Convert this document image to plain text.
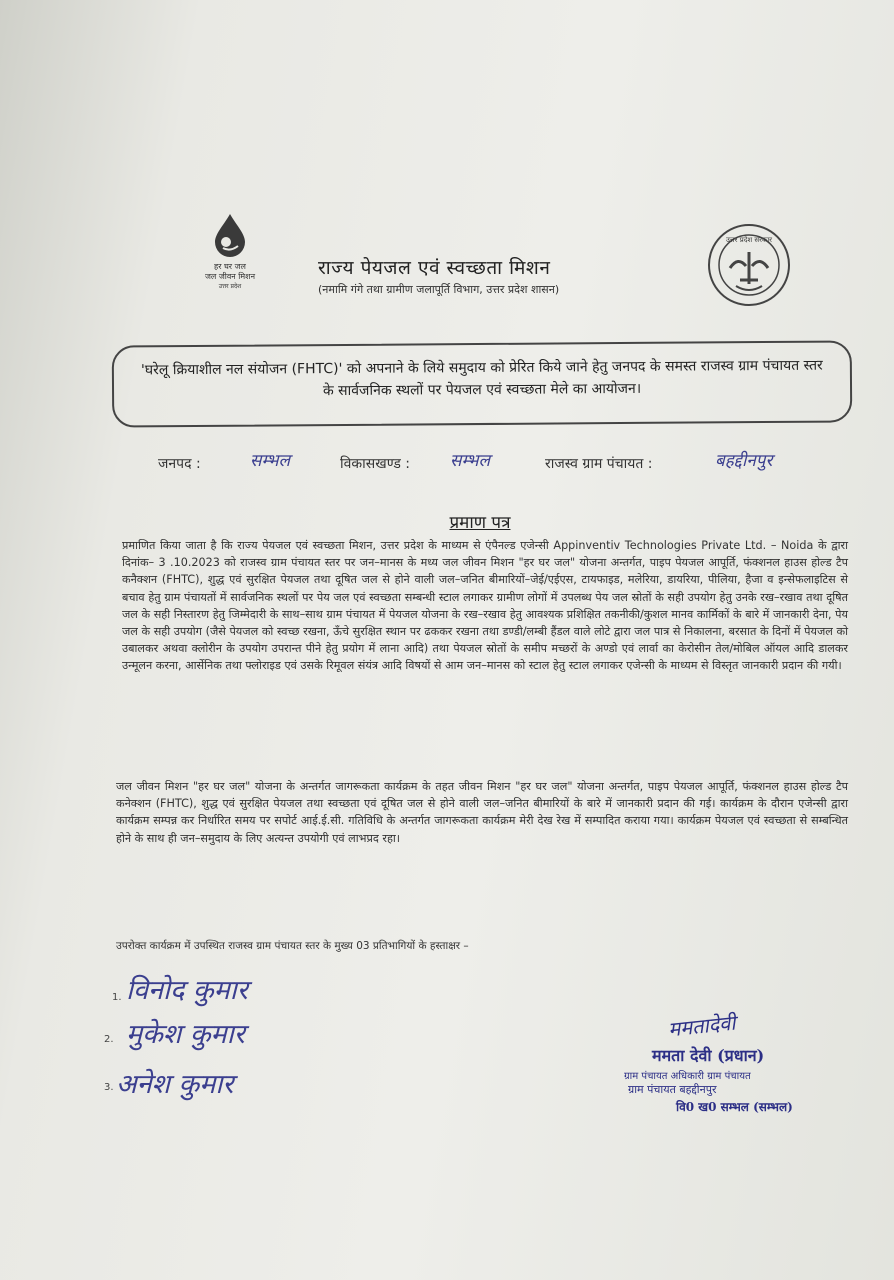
हर घर जल
जल जीवन मिशन
उत्तर प्रदेश
राज्य पेयजल एवं स्वच्छता मिशन
(नमामि गंगे तथा ग्रामीण जलापूर्ति विभाग, उत्तर प्रदेश शासन)
उत्तर प्रदेश सरकार
'घरेलू क्रियाशील नल संयोजन (FHTC)' को अपनाने के लिये समुदाय को प्रेरित किये जाने हेतु जनपद के समस्त राजस्व ग्राम पंचायत स्तर के सार्वजनिक स्थलों पर पेयजल एवं स्वच्छता मेले का आयोजन।
जनपद :	सम्भल	विकासखण्ड : सम्भल	राजस्व ग्राम पंचायत :	बहद्दीनपुर
प्रमाण पत्र
प्रमाणित किया जाता है कि राज्य पेयजल एवं स्वच्छता मिशन, उत्तर प्रदेश के माध्यम से एंपैनल्ड एजेन्सी Appinventiv Technologies Private Ltd. – Noida के द्वारा दिनांक– 3 .10.2023 को राजस्व ग्राम पंचायत स्तर पर जन–मानस के मध्य जल जीवन मिशन "हर घर जल" योजना अन्तर्गत, पाइप पेयजल आपूर्ति, फंक्शनल हाउस होल्ड टैप कनैक्शन (FHTC), शुद्ध एवं सुरक्षित पेयजल तथा दूषित जल से होने वाली जल–जनित बीमारियों–जेई/एईएस, टायफाइड, मलेरिया, डायरिया, पीलिया, हैजा व इन्सेफलाइटिस से बचाव हेतु ग्राम पंचायतों में सार्वजनिक स्थलों पर पेय जल एवं स्वच्छता सम्बन्धी स्टाल लगाकर ग्रामीण लोगों में उपलब्ध पेय जल स्रोतों के सही उपयोग हेतु उनके रख–रखाव तथा दूषित जल के सही निस्तारण हेतु जिम्मेदारी के साथ–साथ ग्राम पंचायत में पेयजल योजना के रख–रखाव हेतु आवश्यक प्रशिक्षित तकनीकी/कुशल मानव कार्मिकों के बारे में जानकारी देना, पेय जल के सही उपयोग (जैसे पेयजल को स्वच्छ रखना, ऊँचे सुरक्षित स्थान पर ढककर रखना तथा डण्डी/लम्बी हैंडल वाले लोटे द्वारा जल पात्र से निकालना, बरसात के दिनों में पेयजल को उबालकर अथवा क्लोरीन के उपयोग उपरान्त पीने हेतु प्रयोग में लाना आदि) तथा पेयजल स्रोतों के समीप मच्छरों के अण्डो एवं लार्वा का केरोसीन तेल/मोबिल ऑयल आदि डालकर उन्मूलन करना, आर्सेनिक तथा फ्लोराइड एवं उसके रिमूवल संयंत्र आदि विषयों से आम जन–मानस को स्टाल हेतु स्टाल लगाकर एजेन्सी के माध्यम से विस्तृत जानकारी प्रदान की गयी।
जल जीवन मिशन "हर घर जल" योजना के अन्तर्गत जागरूकता कार्यक्रम के तहत जीवन मिशन "हर घर जल" योजना अन्तर्गत, पाइप पेयजल आपूर्ति, फंक्शनल हाउस होल्ड टैप कनेक्शन (FHTC), शुद्ध एवं सुरक्षित पेयजल तथा स्वच्छता एवं दूषित जल से होने वाली जल–जनित बीमारियों के बारे में जानकारी प्रदान की गई। कार्यक्रम के दौरान एजेन्सी द्वारा कार्यक्रम सम्पन्न कर निर्धारित समय पर सपोर्ट आई.ई.सी. गतिविधि के अन्तर्गत जागरूकता कार्यक्रम मेरी देख रेख में सम्पादित कराया गया। कार्यक्रम पेयजल एवं स्वच्छता से सम्बन्धित होने के साथ ही जन–समुदाय के लिए अत्यन्त उपयोगी एवं लाभप्रद रहा।
उपरोक्त कार्यक्रम में उपस्थित राजस्व ग्राम पंचायत स्तर के मुख्य 03 प्रतिभागियों के हस्ताक्षर –
1. विनोद कुमार
2. मुकेश कुमार
3. अनेश कुमार
ममतादेवी
ममता देवी (प्रधान)
ग्राम पंचायत अधिकारी ग्राम पंचायत
ग्राम पंचायत बहद्दीनपुर
वि0 ख0 सम्भल (सम्भल)
